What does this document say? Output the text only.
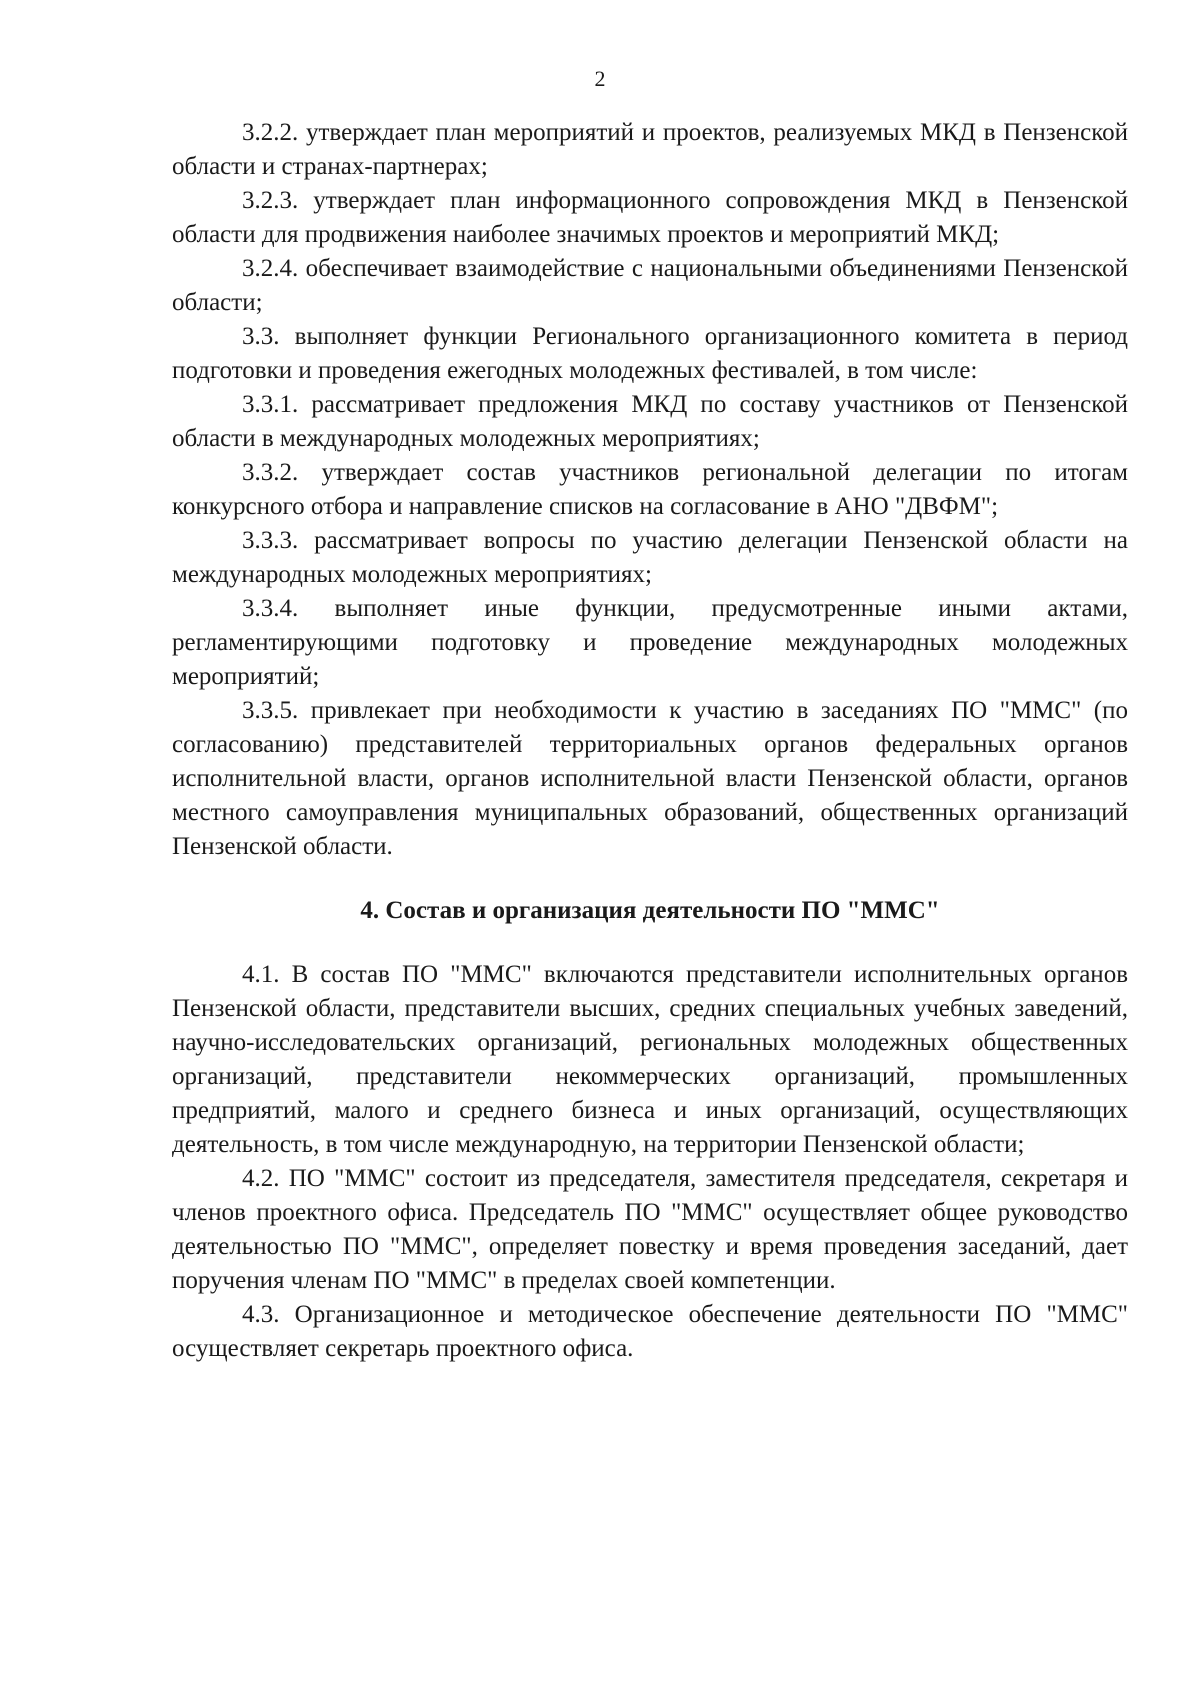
2

3.2.2. утверждает план мероприятий и проектов, реализуемых МКД в Пензенской области и странах-партнерах;

3.2.3. утверждает план информационного сопровождения МКД в Пензенской области для продвижения наиболее значимых проектов и мероприятий МКД;

3.2.4. обеспечивает взаимодействие с национальными объединениями Пензенской области;

3.3. выполняет функции Регионального организационного комитета в период подготовки и проведения ежегодных молодежных фестивалей, в том числе:

3.3.1. рассматривает предложения МКД по составу участников от Пензенской области в международных молодежных мероприятиях;

3.3.2. утверждает состав участников региональной делегации по итогам конкурсного отбора и направление списков на согласование в АНО "ДВФМ";

3.3.3. рассматривает вопросы по участию делегации Пензенской области на международных молодежных мероприятиях;

3.3.4. выполняет иные функции, предусмотренные иными актами, регламентирующими подготовку и проведение международных молодежных мероприятий;

3.3.5. привлекает при необходимости к участию в заседаниях ПО "ММС" (по согласованию) представителей территориальных органов федеральных органов исполнительной власти, органов исполнительной власти Пензенской области, органов местного самоуправления муниципальных образований, общественных организаций Пензенской области.

4. Состав и организация деятельности ПО "ММС"

4.1. В состав ПО "ММС" включаются представители исполнительных органов Пензенской области, представители высших, средних специальных учебных заведений, научно-исследовательских организаций, региональных молодежных общественных организаций, представители некоммерческих организаций, промышленных предприятий, малого и среднего бизнеса и иных организаций, осуществляющих деятельность, в том числе международную, на территории Пензенской области;

4.2. ПО "ММС" состоит из председателя, заместителя председателя, секретаря и членов проектного офиса. Председатель ПО "ММС" осуществляет общее руководство деятельностью ПО "ММС", определяет повестку и время проведения заседаний, дает поручения членам ПО "ММС" в пределах своей компетенции.

4.3. Организационное и методическое обеспечение деятельности ПО "ММС" осуществляет секретарь проектного офиса.
